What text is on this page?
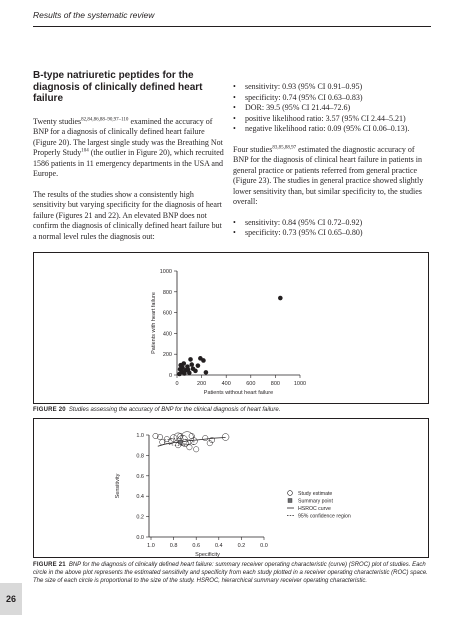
Results of the systematic review
B-type natriuretic peptides for the diagnosis of clinically defined heart failure

Twenty studies$^{82,84,86,88-90,97-110}$ examined the accuracy of BNP for a diagnosis of clinically defined heart failure (Figure 20). The largest single study was the Breathing Not Properly Study$^{104}$ (the outlier in Figure 20), which recruited 1586 patients in 11 emergency departments in the USA and Europe.

The results of the studies show a consistently high sensitivity but varying specificity for the diagnosis of heart failure (Figures 21 and 22). An elevated BNP does not confirm the diagnosis of clinically defined heart failure but a normal level rules the diagnosis out:

• sensitivity: 0.93 (95% CI 0.91–0.95)
• specificity: 0.74 (95% CI 0.63–0.83)
• DOR: 39.5 (95% CI 21.44–72.6)
• positive likelihood ratio: 3.57 (95% CI 2.44–5.21)
• negative likelihood ratio: 0.09 (95% CI 0.06–0.13).

Four studies$^{83,85,88,97}$ estimated the diagnostic accuracy of BNP for the diagnosis of clinical heart failure in patients in general practice or patients referred from general practice (Figure 23). The studies in general practice showed slightly lower sensitivity than, but similar specificity to, the studies overall:

• sensitivity: 0.84 (95% CI 0.72–0.92)
• specificity: 0.73 (95% CI 0.65–0.80)
0
200
400
600
800
1000
0	200	400	600	800	1000
Patients without heart failure
Patients with heart failure
FIGURE 20 Studies assessing the accuracy of BNP for the clinical diagnosis of heart failure.
0.0
0.2
0.4
0.6
0.8
1.0
1.0	0.8	0.6	0.4	0.2	0.0
Specificity
Sensitivity	Study estimate
Summary point
HSROC curve
95% confidence region
FIGURE 21 BNP for the diagnosis of clinically defined heart failure: summary receiver operating characteristic (curve) (SROC) plot of studies. Each circle in the above plot represents the estimated sensitivity and specificity from each study plotted in a receiver operating characteristic (ROC) space. The size of each circle is proportional to the size of the study. HSROC, hierarchical summary receiver operating characteristic.
26
